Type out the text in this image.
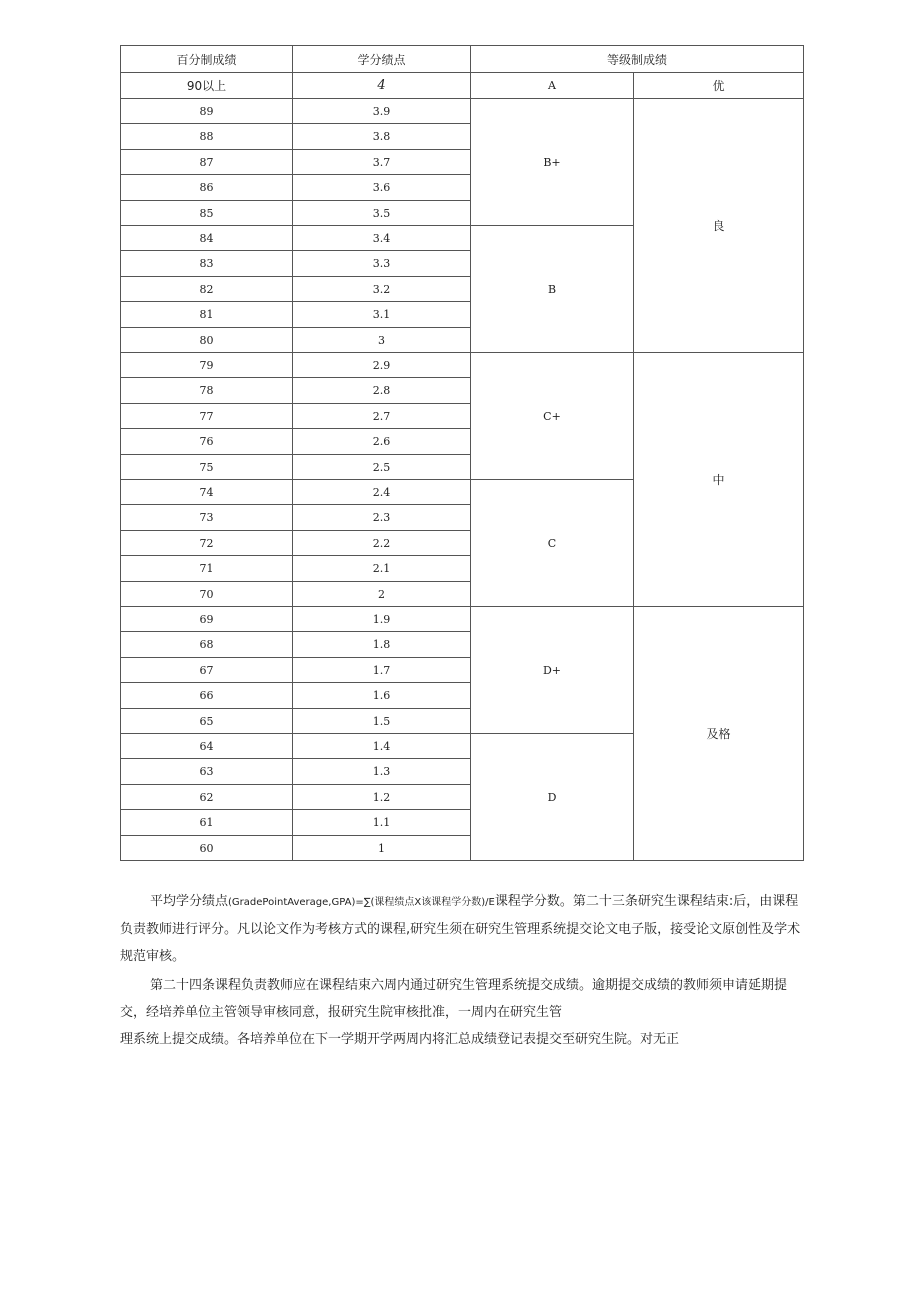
百分制成绩	学分绩点	等级制成绩	
90以上	4	A	优
89	3.9	B+	良
88	3.8		
87	3.7		
86	3.6		
85	3.5		
84	3.4	B	
83	3.3		
82	3.2		
81	3.1		
80	3		
79	2.9	C+	中
78	2.8		
77	2.7		
76	2.6		
75	2.5		
74	2.4	C	
73	2.3		
72	2.2		
71	2.1		
70	2		
69	1.9	D+	及格
68	1.8		
67	1.7		
66	1.6		
65	1.5		
64	1.4	D	
63	1.3		
62	1.2		
61	1.1		
60	1		

平均学分绩点(GradePointAverage,GPA)=∑(课程绩点X该课程学分数)/E课程学分数。第二十三条研究生课程结束:后，由课程负责教师进行评分。凡以论文作为考核方式的课程,研究生须在研究生管理系统提交论文电子版，接受论文原创性及学术规范审核。

第二十四条课程负责教师应在课程结束六周内通过研究生管理系统提交成绩。逾期提交成绩的教师须申请延期提交，经培养单位主管领导审核同意，报研究生院审核批准，一周内在研究生管

理系统上提交成绩。各培养单位在下一学期开学两周内将汇总成绩登记表提交至研究生院。对无正
